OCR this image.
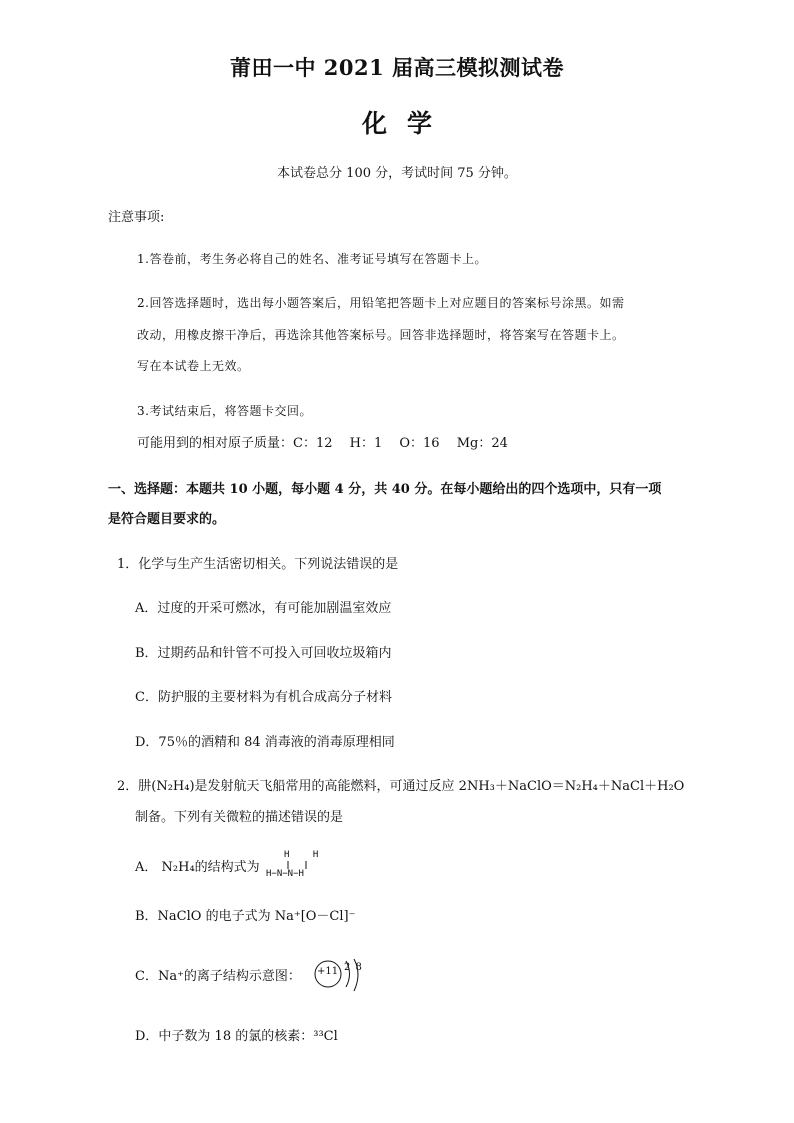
莆田一中 2021 届高三模拟测试卷
化学
本试卷总分 100 分，考试时间 75 分钟。
注意事项:
1.答卷前，考生务必将自己的姓名、准考证号填写在答题卡上。
2.回答选择题时，选出每小题答案后，用铅笔把答题卡上对应题目的答案标号涂黑。如需
改动，用橡皮擦干净后，再选涂其他答案标号。回答非选择题时，将答案写在答题卡上。
写在本试卷上无效。
3.考试结束后，将答题卡交回。
可能用到的相对原子质量：C：12　 H：1　 O：16　 Mg：24
一、选择题：本题共 10 小题，每小题 4 分，共 40 分。在每小题给出的四个选项中，只有一项
是符合题目要求的。
1．化学与生产生活密切相关。下列说法错误的是
A．过度的开采可燃冰，有可能加剧温室效应
B．过期药品和针管不可投入可回收垃圾箱内
C．防护服的主要材料为有机合成高分子材料
D．75％的酒精和 84 消毒液的消毒原理相同
2．肼(N₂H₄)是发射航天飞船常用的高能燃料，可通过反应 2NH₃＋NaClO＝N₂H₄＋NaCl＋H₂O
制备。下列有关微粒的描述错误的是
A． N₂H₄的结构式为
H H
H−N−N−H
B．NaClO 的电子式为 Na⁺[O－Cl]⁻
C．Na⁺的离子结构示意图： +11 2 8
D．中子数为 18 的氯的核素：³³Cl
